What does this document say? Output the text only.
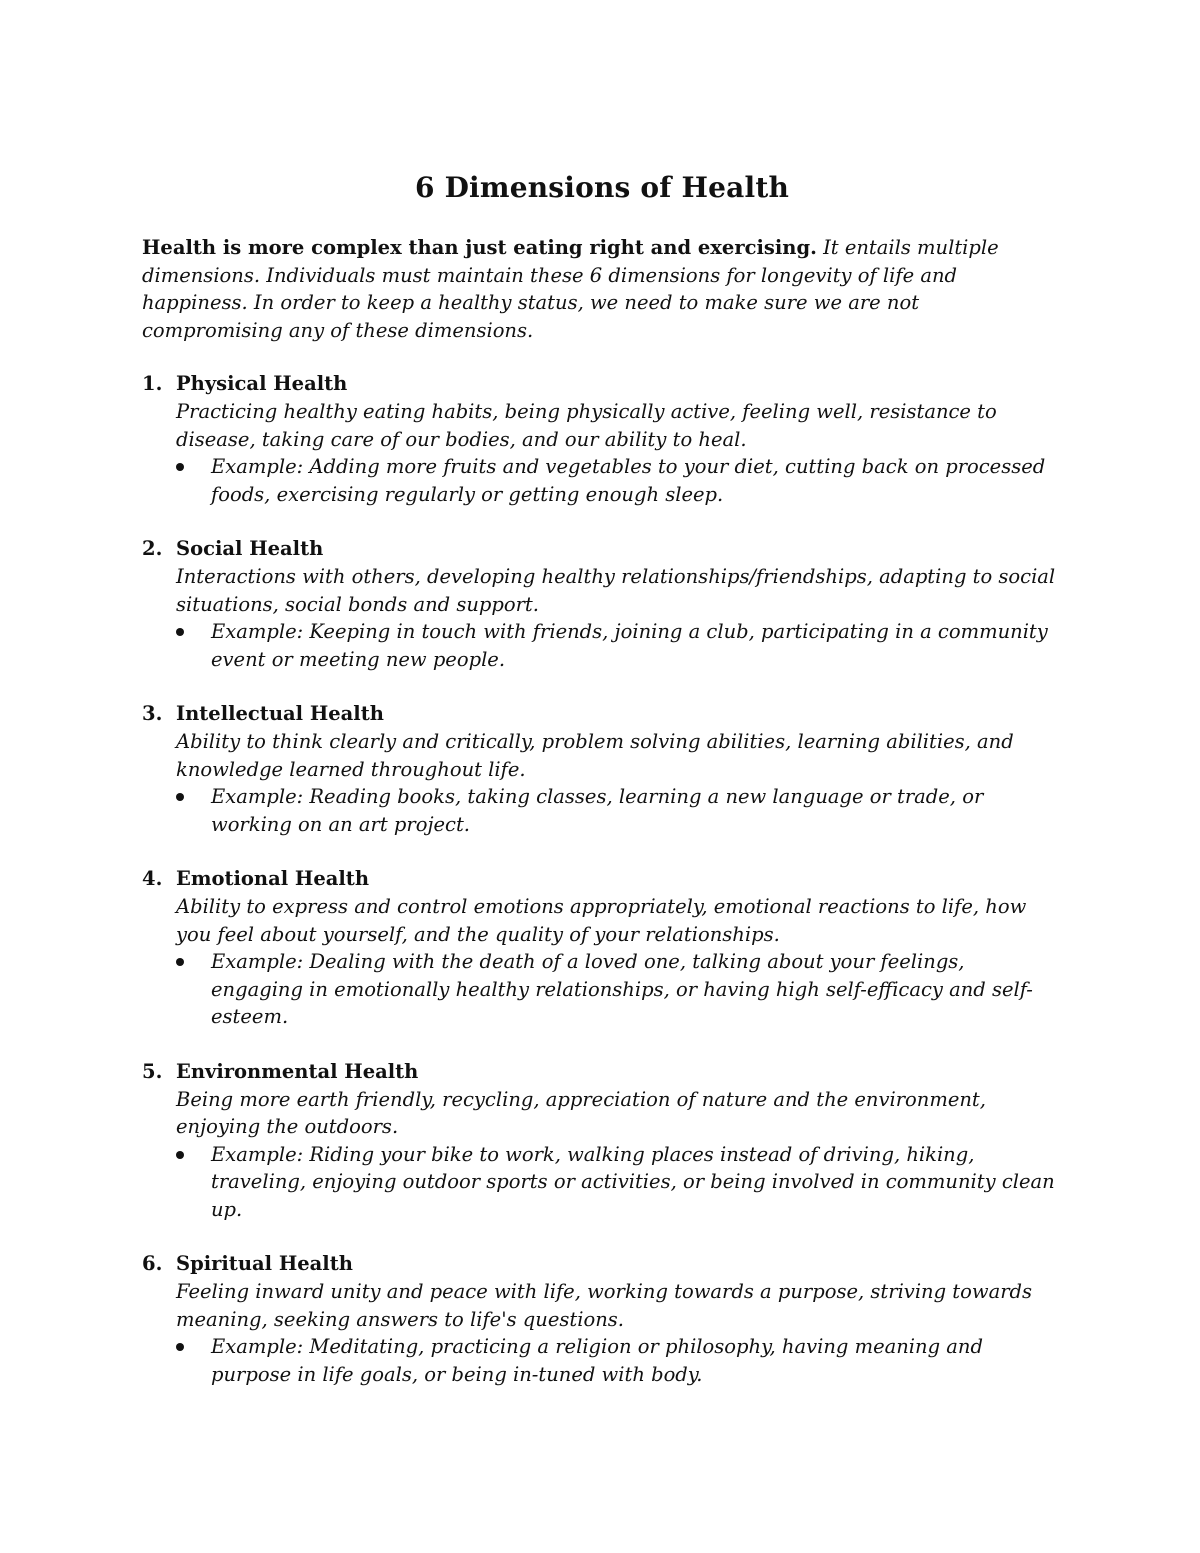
6 Dimensions of Health

Health is more complex than just eating right and exercising. It entails multiple dimensions. Individuals must maintain these 6 dimensions for longevity of life and happiness. In order to keep a healthy status, we need to make sure we are not compromising any of these dimensions.

1. Physical Health
Practicing healthy eating habits, being physically active, feeling well, resistance to disease, taking care of our bodies, and our ability to heal.
Example: Adding more fruits and vegetables to your diet, cutting back on processed foods, exercising regularly or getting enough sleep.
2. Social Health
Interactions with others, developing healthy relationships/friendships, adapting to social situations, social bonds and support.
Example: Keeping in touch with friends, joining a club, participating in a community event or meeting new people.
3. Intellectual Health
Ability to think clearly and critically, problem solving abilities, learning abilities, and knowledge learned throughout life.
Example: Reading books, taking classes, learning a new language or trade, or working on an art project.
4. Emotional Health
Ability to express and control emotions appropriately, emotional reactions to life, how you feel about yourself, and the quality of your relationships.
Example: Dealing with the death of a loved one, talking about your feelings, engaging in emotionally healthy relationships, or having high self-efficacy and self-esteem.
5. Environmental Health
Being more earth friendly, recycling, appreciation of nature and the environment, enjoying the outdoors.
Example: Riding your bike to work, walking places instead of driving, hiking, traveling, enjoying outdoor sports or activities, or being involved in community clean up.
6. Spiritual Health
Feeling inward unity and peace with life, working towards a purpose, striving towards meaning, seeking answers to life's questions.
Example: Meditating, practicing a religion or philosophy, having meaning and purpose in life goals, or being in-tuned with body.
